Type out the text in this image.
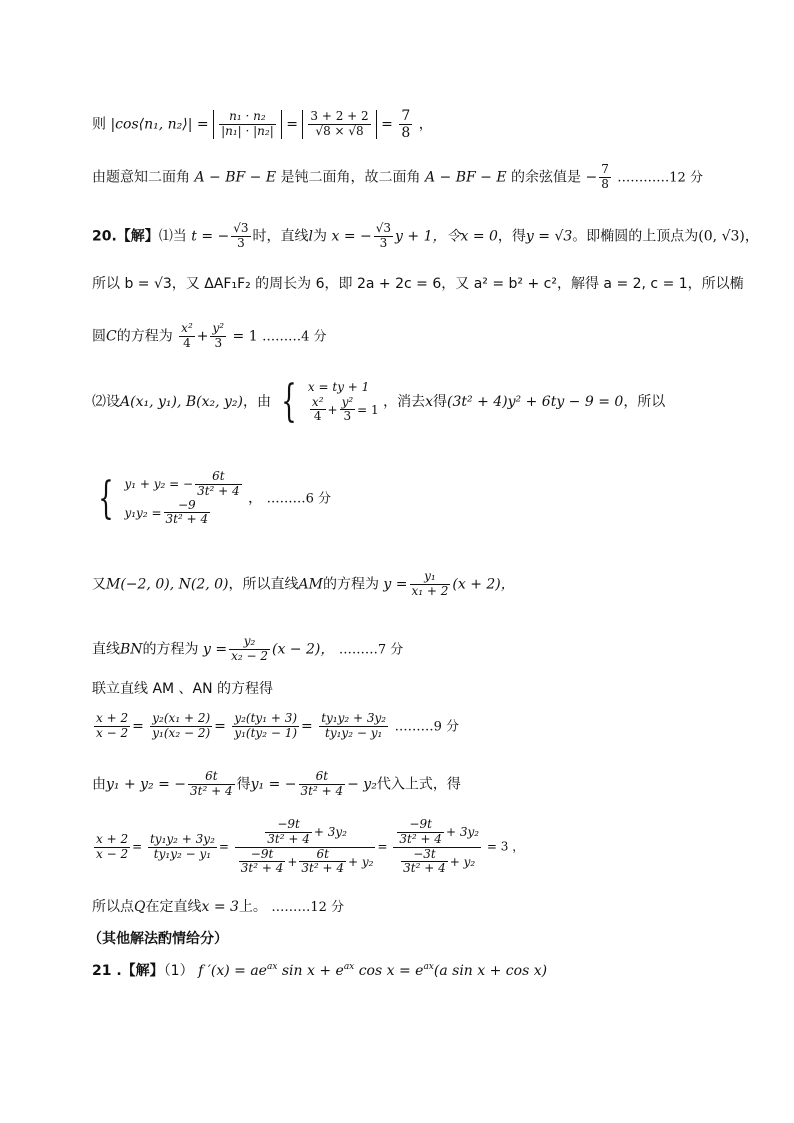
则 |cos⟨n₁, n₂⟩| = $\frac{\text{n₁ · n₂}}{\text{|n₁| · |n₂|}} = \frac{3 + 2 + 2}{√8 \times √8} = \frac{7}{8}$ ，
由题意知二面角 A − BF − E 是钝二面角，故二面角 A − BF − E 的余弦值是 − $\frac{7}{8}$ …………12 分
20.【解】⑴当 t = − $\frac{√3}{3}$ 时，直线l为 x = − $\frac{√3}{3}$ y + 1，令x = 0，得y = √3。即椭圆的上顶点为(0, √3)，
所以 b = √3，又 ΔAF₁F₂ 的周长为 6，即 2a + 2c = 6，又 a² = b² + c²，解得 a = 2, c = 1，所以椭
圆C的方程为 $\frac{\text{x²}}{4} + \frac{\text{y²}}{3} = 1$ ………4 分
⑵设A(x₁, y₁), B(x₂, y₂)，由 { x = ty + 1
$\frac{\text{x²}}{4} + \frac{\text{y²}}{3} = 1$ ，消去x得(3t² + 4)y² + 6ty − 9 = 0，所以
{ y₁ + y₂ = − $\frac{6t}{\text{3t² + 4}}$
$y_1y_2 = \frac{-9}{\text{3t² + 4}}$	， ………6 分
又M(−2, 0), N(2, 0)，所以直线AM的方程为 $y = \frac{\text{y₁}}{\text{x₁ + 2}} (x + 2)$，
直线BN的方程为 $y = \frac{\text{y₂}}{\text{x₂ − 2}} (x - 2)$， ………7 分
联立直线 AM 、AN 的方程得
$\frac{x + 2}{x - 2} = \frac{\text{y₂(x₁ + 2)}}{\text{y₁(x₂ − 2)}} = \frac{\text{y₂(ty₁ + 3)}}{\text{y₁(ty₂ − 1)}} = \frac{\text{ty₁y₂ + 3y₂}}{\text{ty₁y₂ − y₁}}$ ………9 分
由y₁ + y₂ = − $\frac{6t}{\text{3t² + 4}}$ 得y₁ = − $\frac{6t}{\text{3t² + 4}} - y_2$代入上式，得
$\frac{x + 2}{x - 2} = \frac{\text{ty₁y₂ + 3y₂}}{\text{ty₁y₂ − y₁}} = \frac{\frac{-9t}{\text{3t² + 4}} + 3y_2}{\frac{-9t}{\text{3t² + 4}} + \frac{6t}{\text{3t² + 4}} + y_2} = \frac{\frac{-9t}{\text{3t² + 4}} + 3y_2}{\frac{-3t}{\text{3t² + 4}} + y_2} = 3$ ，
所以点Q在定直线x = 3上。 ………12 分
（其他解法酌情给分）
21 .【解】（1） f $'(x) = ae^{ax}$ $\sin x + e^{ax}$ $\cos x = e^{ax}(a$ sin x + cos x)
